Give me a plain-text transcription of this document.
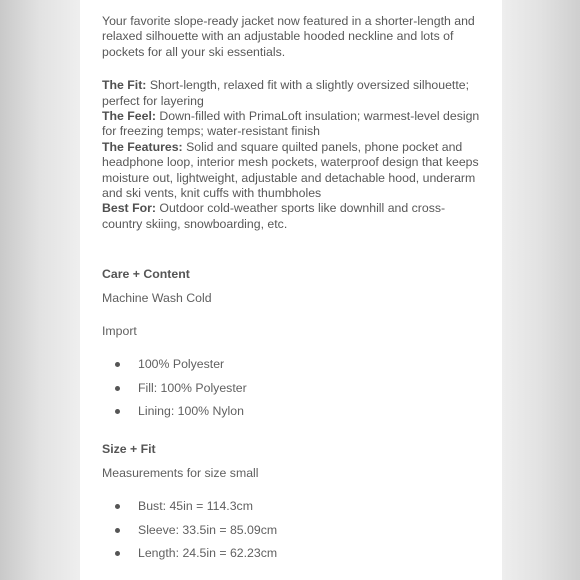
Your favorite slope-ready jacket now featured in a shorter-length and relaxed silhouette with an adjustable hooded neckline and lots of pockets for all your ski essentials.

The Fit: Short-length, relaxed fit with a slightly oversized silhouette; perfect for layering

The Feel: Down-filled with PrimaLoft insulation; warmest-level design for freezing temps; water-resistant finish

The Features: Solid and square quilted panels, phone pocket and headphone loop, interior mesh pockets, waterproof design that keeps moisture out, lightweight, adjustable and detachable hood, underarm and ski vents, knit cuffs with thumbholes

Best For: Outdoor cold-weather sports like downhill and cross-country skiing, snowboarding, etc.

Care + Content
Machine Wash Cold
Import
100% Polyester
Fill: 100% Polyester
Lining: 100% Nylon
Size + Fit
Measurements for size small
Bust: 45in = 114.3cm
Sleeve: 33.5in = 85.09cm
Length: 24.5in = 62.23cm
